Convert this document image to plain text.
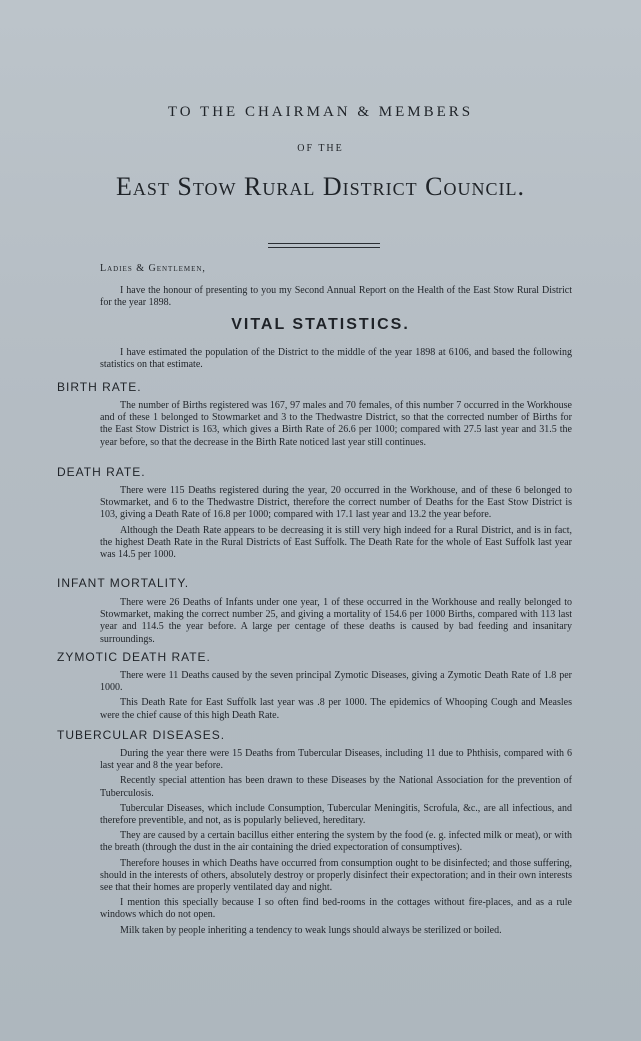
TO THE CHAIRMAN & MEMBERS
OF THE
East Stow Rural District Council.
Ladies & Gentlemen,

I have the honour of presenting to you my Second Annual Report on the Health of the East Stow Rural District for the year 1898.

VITAL STATISTICS.

I have estimated the population of the District to the middle of the year 1898 at 6106, and based the following statistics on that estimate.

BIRTH RATE.

The number of Births registered was 167, 97 males and 70 females, of this number 7 occurred in the Workhouse and of these 1 belonged to Stowmarket and 3 to the Thedwastre District, so that the corrected number of Births for the East Stow District is 163, which gives a Birth Rate of 26.6 per 1000; compared with 27.5 last year and 31.5 the year before, so that the decrease in the Birth Rate noticed last year still continues.

DEATH RATE.

There were 115 Deaths registered during the year, 20 occurred in the Workhouse, and of these 6 belonged to Stowmarket, and 6 to the Thedwastre District, therefore the correct number of Deaths for the East Stow District is 103, giving a Death Rate of 16.8 per 1000; compared with 17.1 last year and 13.2 the year before.

Although the Death Rate appears to be decreasing it is still very high indeed for a Rural District, and is in fact, the highest Death Rate in the Rural Districts of East Suffolk. The Death Rate for the whole of East Suffolk last year was 14.5 per 1000.

INFANT MORTALITY.

There were 26 Deaths of Infants under one year, 1 of these occurred in the Workhouse and really belonged to Stowmarket, making the correct number 25, and giving a mortality of 154.6 per 1000 Births, compared with 113 last year and 114.5 the year before. A large per centage of these deaths is caused by bad feeding and insanitary surroundings.

ZYMOTIC DEATH RATE.

There were 11 Deaths caused by the seven principal Zymotic Diseases, giving a Zymotic Death Rate of 1.8 per 1000.

This Death Rate for East Suffolk last year was .8 per 1000. The epidemics of Whooping Cough and Measles were the chief cause of this high Death Rate.

TUBERCULAR DISEASES.

During the year there were 15 Deaths from Tubercular Diseases, including 11 due to Phthisis, compared with 6 last year and 8 the year before.

Recently special attention has been drawn to these Diseases by the National Association for the prevention of Tuberculosis.

Tubercular Diseases, which include Consumption, Tubercular Meningitis, Scrofula, &c., are all infectious, and therefore preventible, and not, as is popularly believed, hereditary.

They are caused by a certain bacillus either entering the system by the food (e. g. infected milk or meat), or with the breath (through the dust in the air containing the dried expectoration of consumptives).

Therefore houses in which Deaths have occurred from consumption ought to be disinfected; and those suffering, should in the interests of others, absolutely destroy or properly disinfect their expectoration; and in their own interests see that their homes are properly ventilated day and night.

I mention this specially because I so often find bed-rooms in the cottages without fire-places, and as a rule windows which do not open.

Milk taken by people inheriting a tendency to weak lungs should always be sterilized or boiled.
